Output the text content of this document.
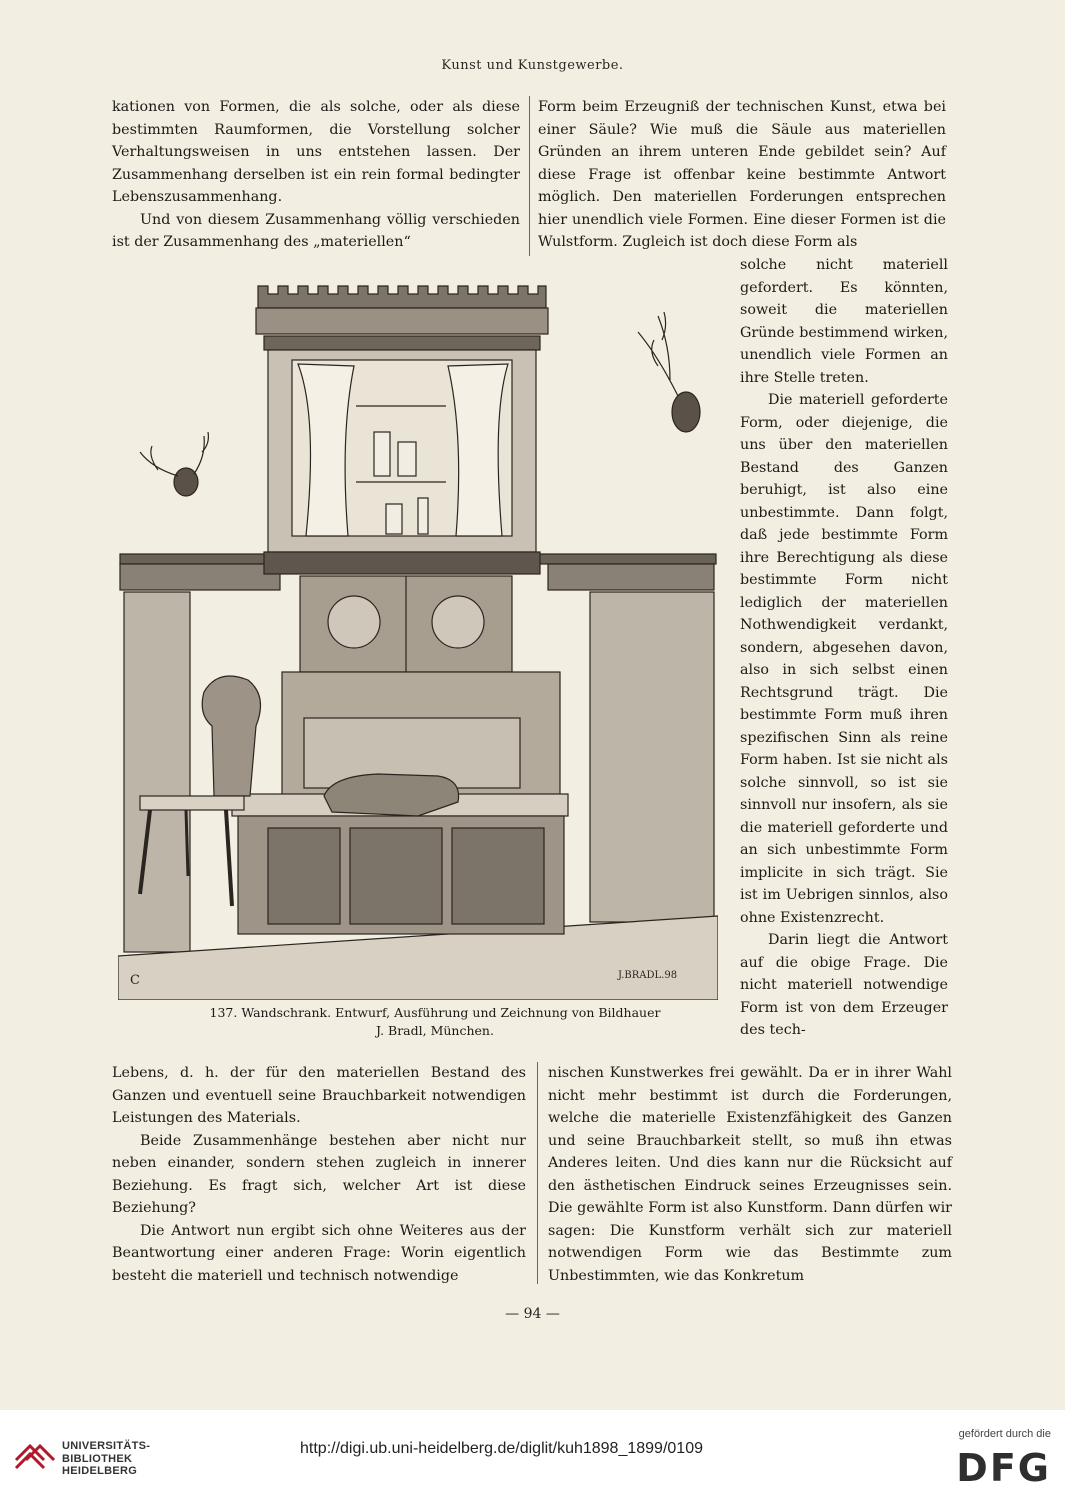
Kunst und Kunstgewerbe.

kationen von Formen, die als solche, oder als diese bestimmten Raumformen, die Vorstellung solcher Verhaltungsweisen in uns entstehen lassen. Der Zusammenhang derselben ist ein rein formal bedingter Lebenszusammenhang.

Und von diesem Zusammenhang völlig verschieden ist der Zusammenhang des „materiellen“

Form beim Erzeugniß der technischen Kunst, etwa bei einer Säule? Wie muß die Säule aus materiellen Gründen an ihrem unteren Ende gebildet sein? Auf diese Frage ist offenbar keine bestimmte Antwort möglich. Den materiellen Forderungen entsprechen hier unendlich viele Formen. Eine dieser Formen ist die Wulstform. Zugleich ist doch diese Form als

solche nicht materiell gefordert. Es könnten, soweit die materiellen Gründe bestimmend wirken, unendlich viele Formen an ihre Stelle treten.

Die materiell geforderte Form, oder diejenige, die uns über den materiellen Bestand des Ganzen beruhigt, ist also eine unbestimmte. Dann folgt, daß jede bestimmte Form ihre Berechtigung als diese bestimmte Form nicht lediglich der materiellen Nothwendigkeit verdankt, sondern, abgesehen davon, also in sich selbst einen Rechtsgrund trägt. Die bestimmte Form muß ihren spezifischen Sinn als reine Form haben. Ist sie nicht als solche sinnvoll, so ist sie sinnvoll nur insofern, als sie die materiell geforderte und an sich unbestimmte Form implicite in sich trägt. Sie ist im Uebrigen sinnlos, also ohne Existenzrecht.

Darin liegt die Antwort auf die obige Frage. Die nicht materiell notwendige Form ist von dem Erzeuger des tech-

C	J.BRADL.98
137. Wandschrank. Entwurf, Ausführung und Zeichnung von Bildhauer
J. Bradl, München.

Lebens, d. h. der für den materiellen Bestand des Ganzen und eventuell seine Brauchbarkeit notwendigen Leistungen des Materials.

Beide Zusammenhänge bestehen aber nicht nur neben einander, sondern stehen zugleich in innerer Beziehung. Es fragt sich, welcher Art ist diese Beziehung?

Die Antwort nun ergibt sich ohne Weiteres aus der Beantwortung einer anderen Frage: Worin eigentlich besteht die materiell und technisch notwendige

nischen Kunstwerkes frei gewählt. Da er in ihrer Wahl nicht mehr bestimmt ist durch die Forderungen, welche die materielle Existenzfähigkeit des Ganzen und seine Brauchbarkeit stellt, so muß ihn etwas Anderes leiten. Und dies kann nur die Rücksicht auf den ästhetischen Eindruck seines Erzeugnisses sein. Die gewählte Form ist also Kunstform. Dann dürfen wir sagen: Die Kunstform verhält sich zur materiell notwendigen Form wie das Bestimmte zum Unbestimmten, wie das Konkretum

— 94 —
UNIVERSITÄTS-
BIBLIOTHEK
HEIDELBERG
http://digi.ub.uni-heidelberg.de/diglit/kuh1898_1899/0109
gefördert durch die
DFG
